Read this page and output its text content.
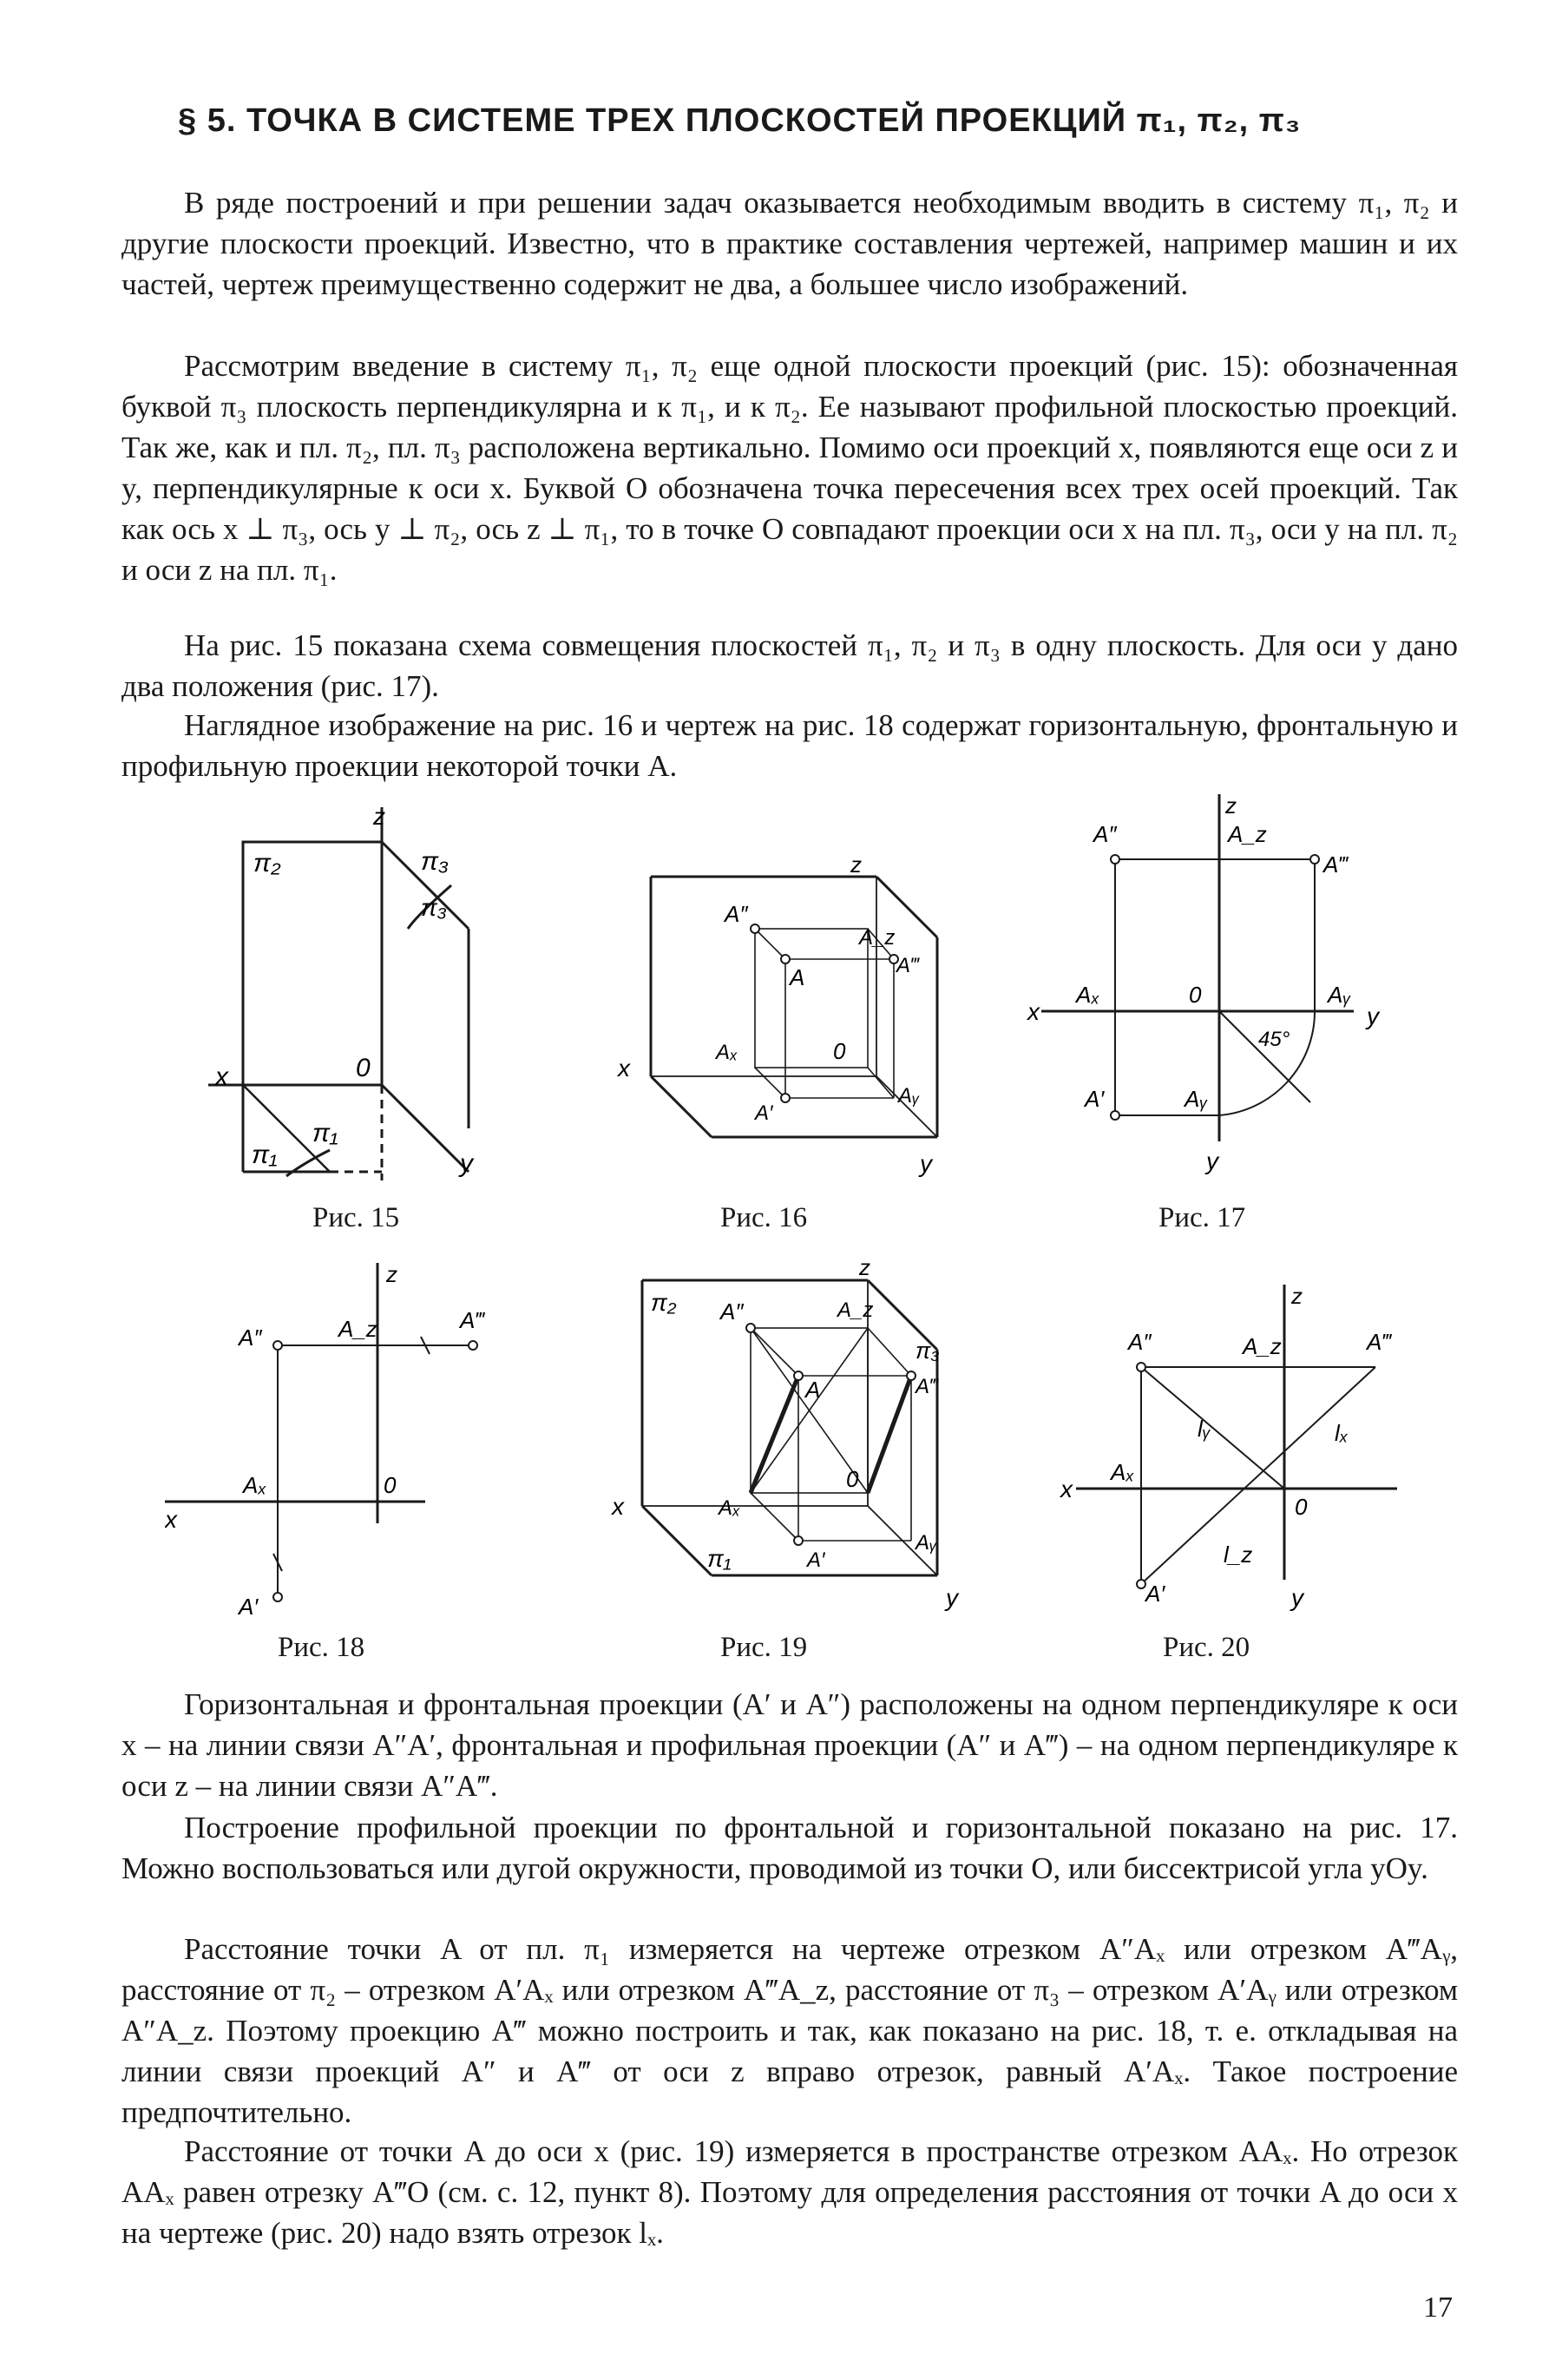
§ 5. ТОЧКА В СИСТЕМЕ ТРЕХ ПЛОСКОСТЕЙ ПРОЕКЦИЙ π₁, π₂, π₃

В ряде построений и при решении задач оказывается необходимым вводить в систему π₁, π₂ и другие плоскости проекций. Известно, что в практике составления чертежей, например машин и их частей, чертеж преимущественно содержит не два, а большее число изображений.

Рассмотрим введение в систему π₁, π₂ еще одной плоскости проекций (рис. 15): обозначенная буквой π₃ плоскость перпендикулярна и к π₁, и к π₂. Ее называют профильной плоскостью проекций. Так же, как и пл. π₂, пл. π₃ расположена вертикально. Помимо оси проекций x, появляются еще оси z и y, перпендикулярные к оси x. Буквой O обозначена точка пересечения всех трех осей проекций. Так как ось x ⊥ π₃, ось y ⊥ π₂, ось z ⊥ π₁, то в точке O совпадают проекции оси x на пл. π₃, оси y на пл. π₂ и оси z на пл. π₁.

На рис. 15 показана схема совмещения плоскостей π₁, π₂ и π₃ в одну плоскость. Для оси y дано два положения (рис. 17).

Наглядное изображение на рис. 16 и чертеж на рис. 18 содержат горизонтальную, фронтальную и профильную проекции некоторой точки A.

π₂	π₃
z
x	0
y
π₁
π₁
π₃
Рис. 15
z
A″
A
A_z
A‴
Aₓ	0
A′
Aᵧ
x
y
Рис. 16
z
A″	A_z
A‴
Aₓ	0	Aᵧ
45°
A′	Aᵧ
x	y
y
Рис. 17
z
A″	A_z	A‴
Aₓ	0
A′
x
Рис. 18
z
π₂ A″	A_z
π₃
A	A‴
Aₓ
0
Aᵧ
π₁	A′
x
y
Рис. 19
z
A″	A_z	A‴
lᵧ	lₓ
Aₓ
0
l_z
A′	y
x
Рис. 20

Горизонтальная и фронтальная проекции (A′ и A″) расположены на одном перпендикуляре к оси x – на линии связи A″A′, фронтальная и профильная проекции (A″ и A‴) – на одном перпендикуляре к оси z – на линии связи A″A‴.

Построение профильной проекции по фронтальной и горизонтальной показано на рис. 17. Можно воспользоваться или дугой окружности, проводимой из точки O, или биссектрисой угла yOy.

Расстояние точки A от пл. π₁ измеряется на чертеже отрезком A″Aₓ или отрезком A‴Aᵧ, расстояние от π₂ – отрезком A′Aₓ или отрезком A‴A_z, расстояние от π₃ – отрезком A′Aᵧ или отрезком A″A_z. Поэтому проекцию A‴ можно построить и так, как показано на рис. 18, т. е. откладывая на линии связи проекций A″ и A‴ от оси z вправо отрезок, равный A′Aₓ. Такое построение предпочтительно.

Расстояние от точки A до оси x (рис. 19) измеряется в пространстве отрезком AAₓ. Но отрезок AAₓ равен отрезку A‴O (см. с. 12, пункт 8). Поэтому для определения расстояния от точки A до оси x на чертеже (рис. 20) надо взять отрезок lₓ.

17
